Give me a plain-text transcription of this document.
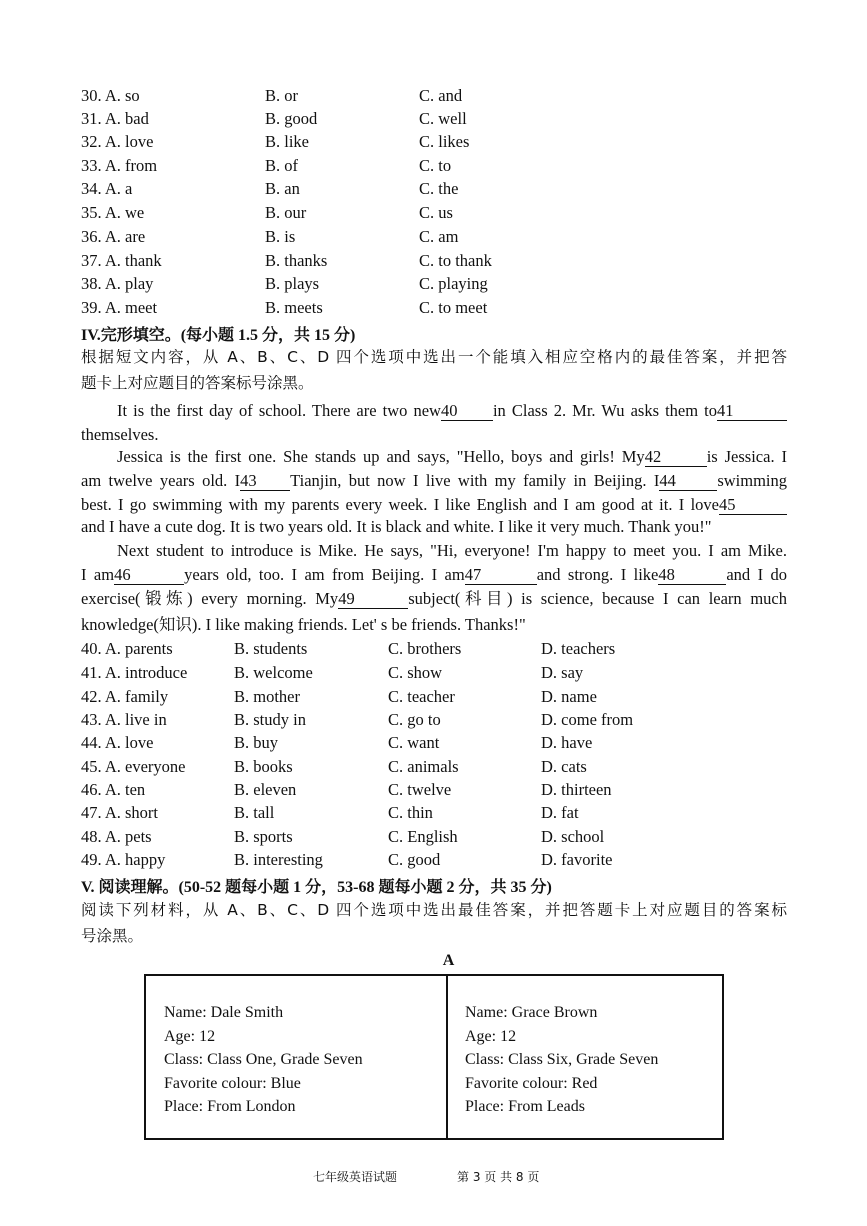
30. A. so	B. or	C. and
31. A. bad	B. good	C. well
32. A. love	B. like	C. likes
33. A. from	B. of	C. to
34. A. a	B. an	C. the
35. A. we	B. our	C. us
36. A. are	B. is	C. am
37. A. thank	B. thanks	C. to thank
38. A. play	B. plays	C. playing
39. A. meet	B. meets	C. to meet
IV.完形填空。(每小题 1.5 分，共 15 分)
根据短文内容，从 A、B、C、D 四个选项中选出一个能填入相应空格内的最佳答案，并把答
题卡上对应题目的答案标号涂黑。
It is the first day of school. There are two new40 in Class 2. Mr. Wu asks them to41
themselves.
Jessica is the first one. She stands up and says, "Hello, boys and girls! My42	is Jessica. I
am twelve years old. I43 Tianjin, but now I live with my family in Beijing. I44	swimming
best. I go swimming with my parents every week. I like English and I am good at it. I love45
and I have a cute dog. It is two years old. It is black and white. I like it very much. Thank you!"
Next student to introduce is Mike. He says, "Hi, everyone! I'm happy to meet you. I am Mike.
I am46	years old, too. I am from Beijing. I am47	and strong. I like48	and I do
exercise(锻炼) every morning. My49	subject(科目) is science, because I can learn much
knowledge(知识). I like making friends. Let' s be friends. Thanks!"
40. A. parents	B. students	C. brothers	D. teachers
41. A. introduce	B. welcome	C. show	D. say
42. A. family	B. mother	C. teacher	D. name
43. A. live in	B. study in	C. go to	D. come from
44. A. love	B. buy	C. want	D. have
45. A. everyone	B. books	C. animals	D. cats
46. A. ten	B. eleven	C. twelve	D. thirteen
47. A. short	B. tall	C. thin	D. fat
48. A. pets	B. sports	C. English	D. school
49. A. happy	B. interesting	C. good	D. favorite
V. 阅读理解。(50-52 题每小题 1 分，53-68 题每小题 2 分，共 35 分)
阅读下列材料，从 A、B、C、D 四个选项中选出最佳答案，并把答题卡上对应题目的答案标
号涂黑。
A
Name: Dale Smith
Age: 12
Class: Class One, Grade Seven
Favorite colour: Blue
Place: From London
Name: Grace Brown
Age: 12
Class: Class Six, Grade Seven
Favorite colour: Red
Place: From Leads
七年级英语试题	第 3 页 共 8 页
